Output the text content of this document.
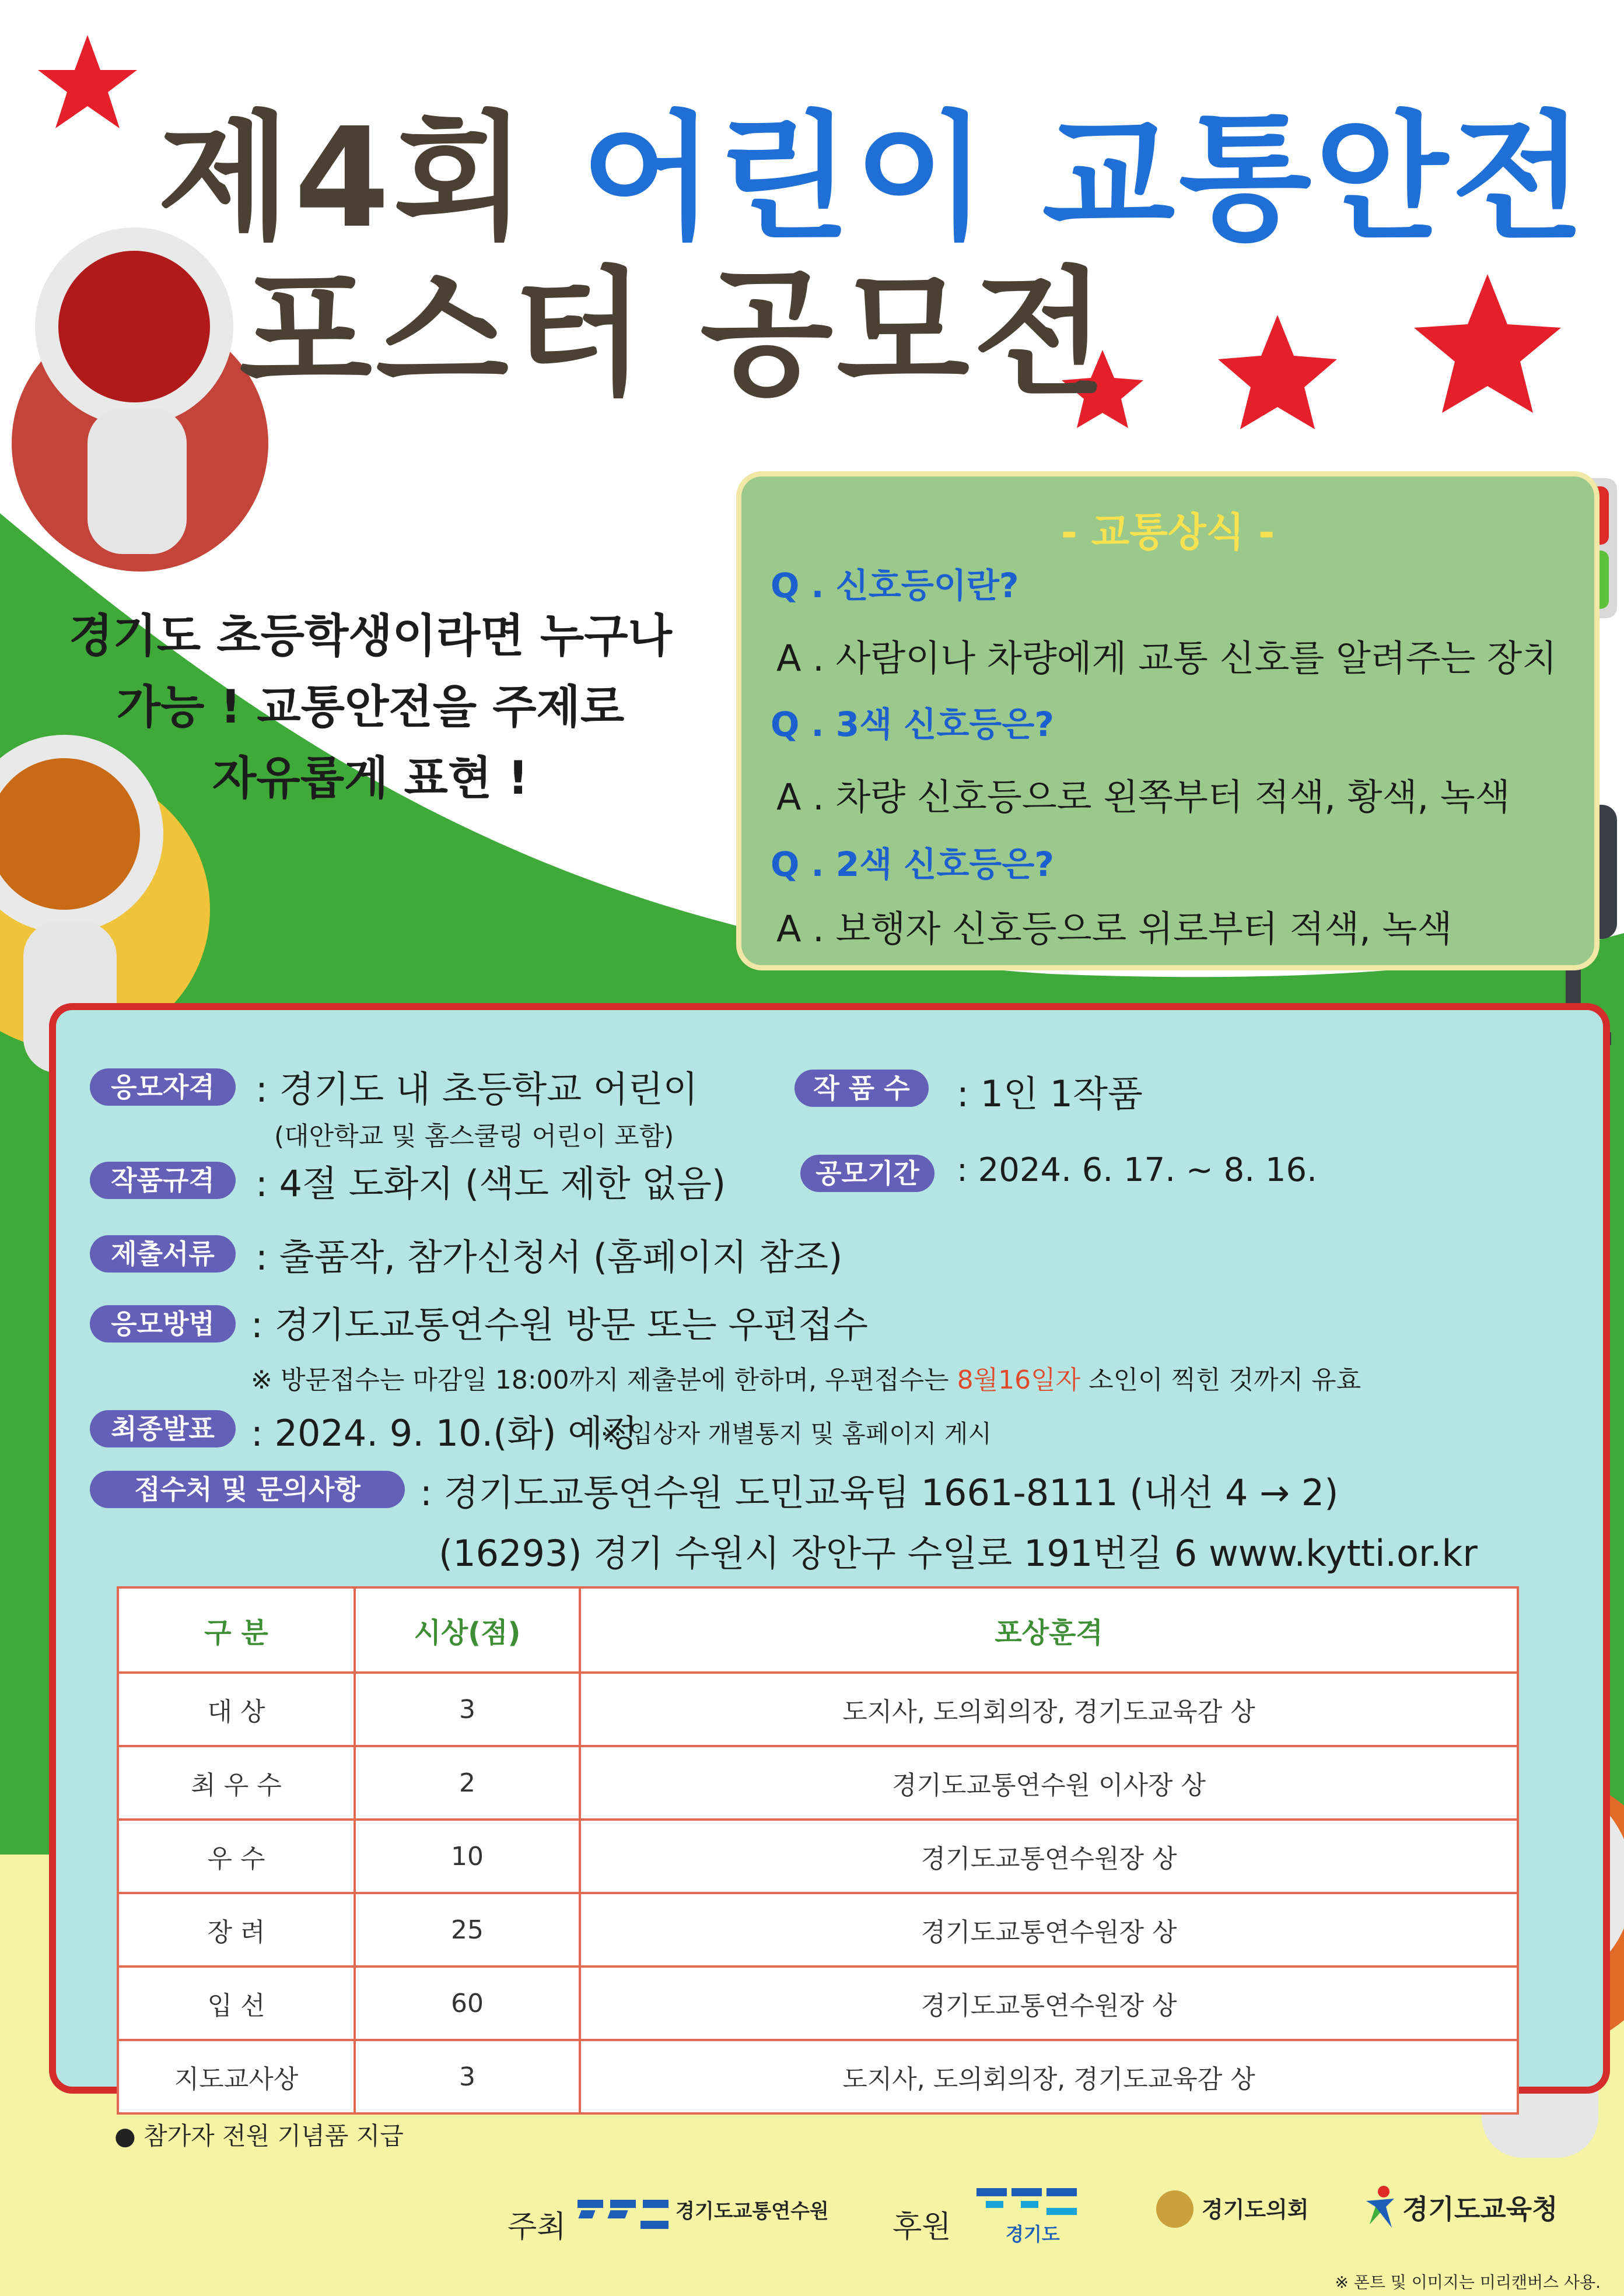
제4회 어린이 교통안전
포스터 공모전
경기도 초등학생이라면 누구나
가능 ! 교통안전을 주제로
자유롭게 표현 !
- 교통상식 -
Q . 신호등이란?
A . 사람이나 차량에게 교통 신호를 알려주는 장치
Q . 3색 신호등은?
A . 차량 신호등으로 왼쪽부터 적색, 황색, 녹색
Q . 2색 신호등은?
A . 보행자 신호등으로 위로부터 적색, 녹색
응모자격	: 경기도 내 초등학교 어린이
(대안학교 및 홈스쿨링 어린이 포함)
작 품 수	: 1인 1작품
작품규격	: 4절 도화지 (색도 제한 없음)	공모기간	: 2024. 6. 17. ~ 8. 16.
제출서류	: 출품작, 참가신청서 (홈페이지 참조)
응모방법	: 경기도교통연수원 방문 또는 우편접수
※ 방문접수는 마감일 18:00까지 제출분에 한하며, 우편접수는 8월16일자 소인이 찍힌 것까지 유효
최종발표	: 2024. 9. 10.(화) 예정
※ 입상자 개별통지 및 홈페이지 게시
접수처 및 문의사항	: 경기도교통연수원 도민교육팀 1661-8111 (내선 4 → 2)
(16293) 경기 수원시 장안구 수일로 191번길 6 www.kytti.or.kr
구 분	시상(점)	포상훈격
대 상	3	도지사, 도의회의장, 경기도교육감 상
최 우 수	2	경기도교통연수원 이사장 상
우 수	10	경기도교통연수원장 상
장 려	25	경기도교통연수원장 상
입 선	60	경기도교통연수원장 상
지도교사상	3	도지사, 도의회의장, 경기도교육감 상
● 참가자 전원 기념품 지급
주최	경기도교통연수원 후원	경기도
경기도의회	경기도교육청
※ 폰트 및 이미지는 미리캔버스 사용.
